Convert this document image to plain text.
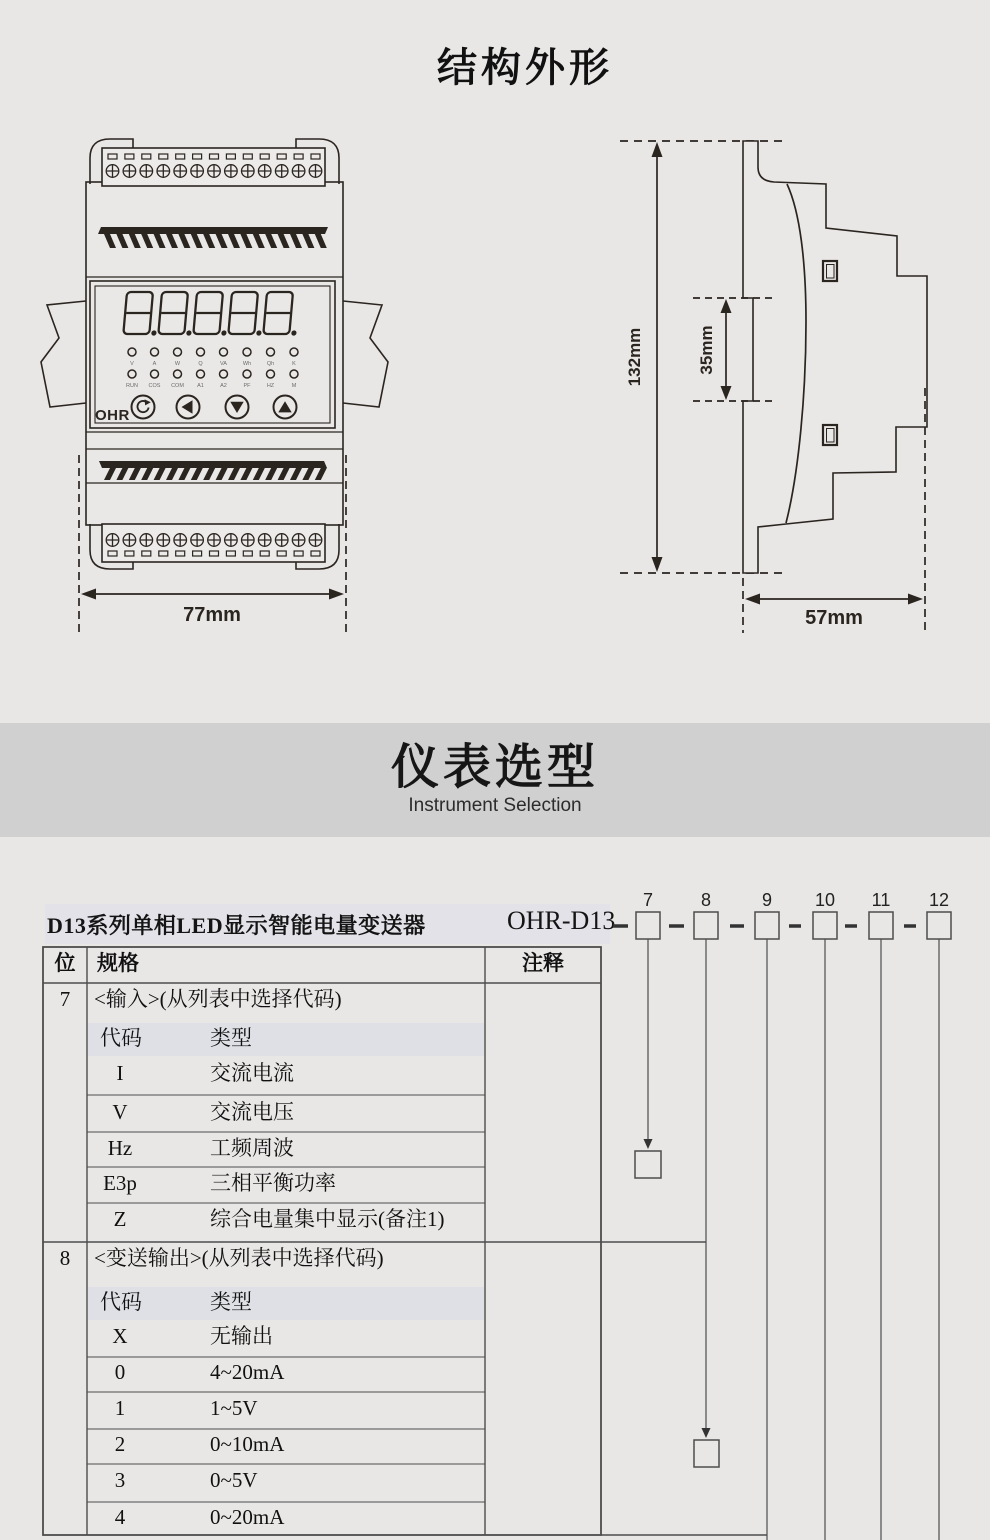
结构外形
V	A	W	Q	VA	Wh	Qh	K
RUN COS COM A1	A2	PF	HZ	M
OHR
77mm
132mm	35mm
57mm
仪表选型
Instrument Selection
D13系列单相LED显示智能电量变送器	OHR-D13
7	8	9 10 11 12
位	规格	注释
7	<输入>(从列表中选择代码)
代码	类型
I	交流电流
V	交流电压
Hz	工频周波
E3p	三相平衡功率
Z	综合电量集中显示(备注1)
8	<变送输出>(从列表中选择代码)
代码	类型
X	无输出
0	4~20mA
1	1~5V
2	0~10mA
3	0~5V
4	0~20mA
